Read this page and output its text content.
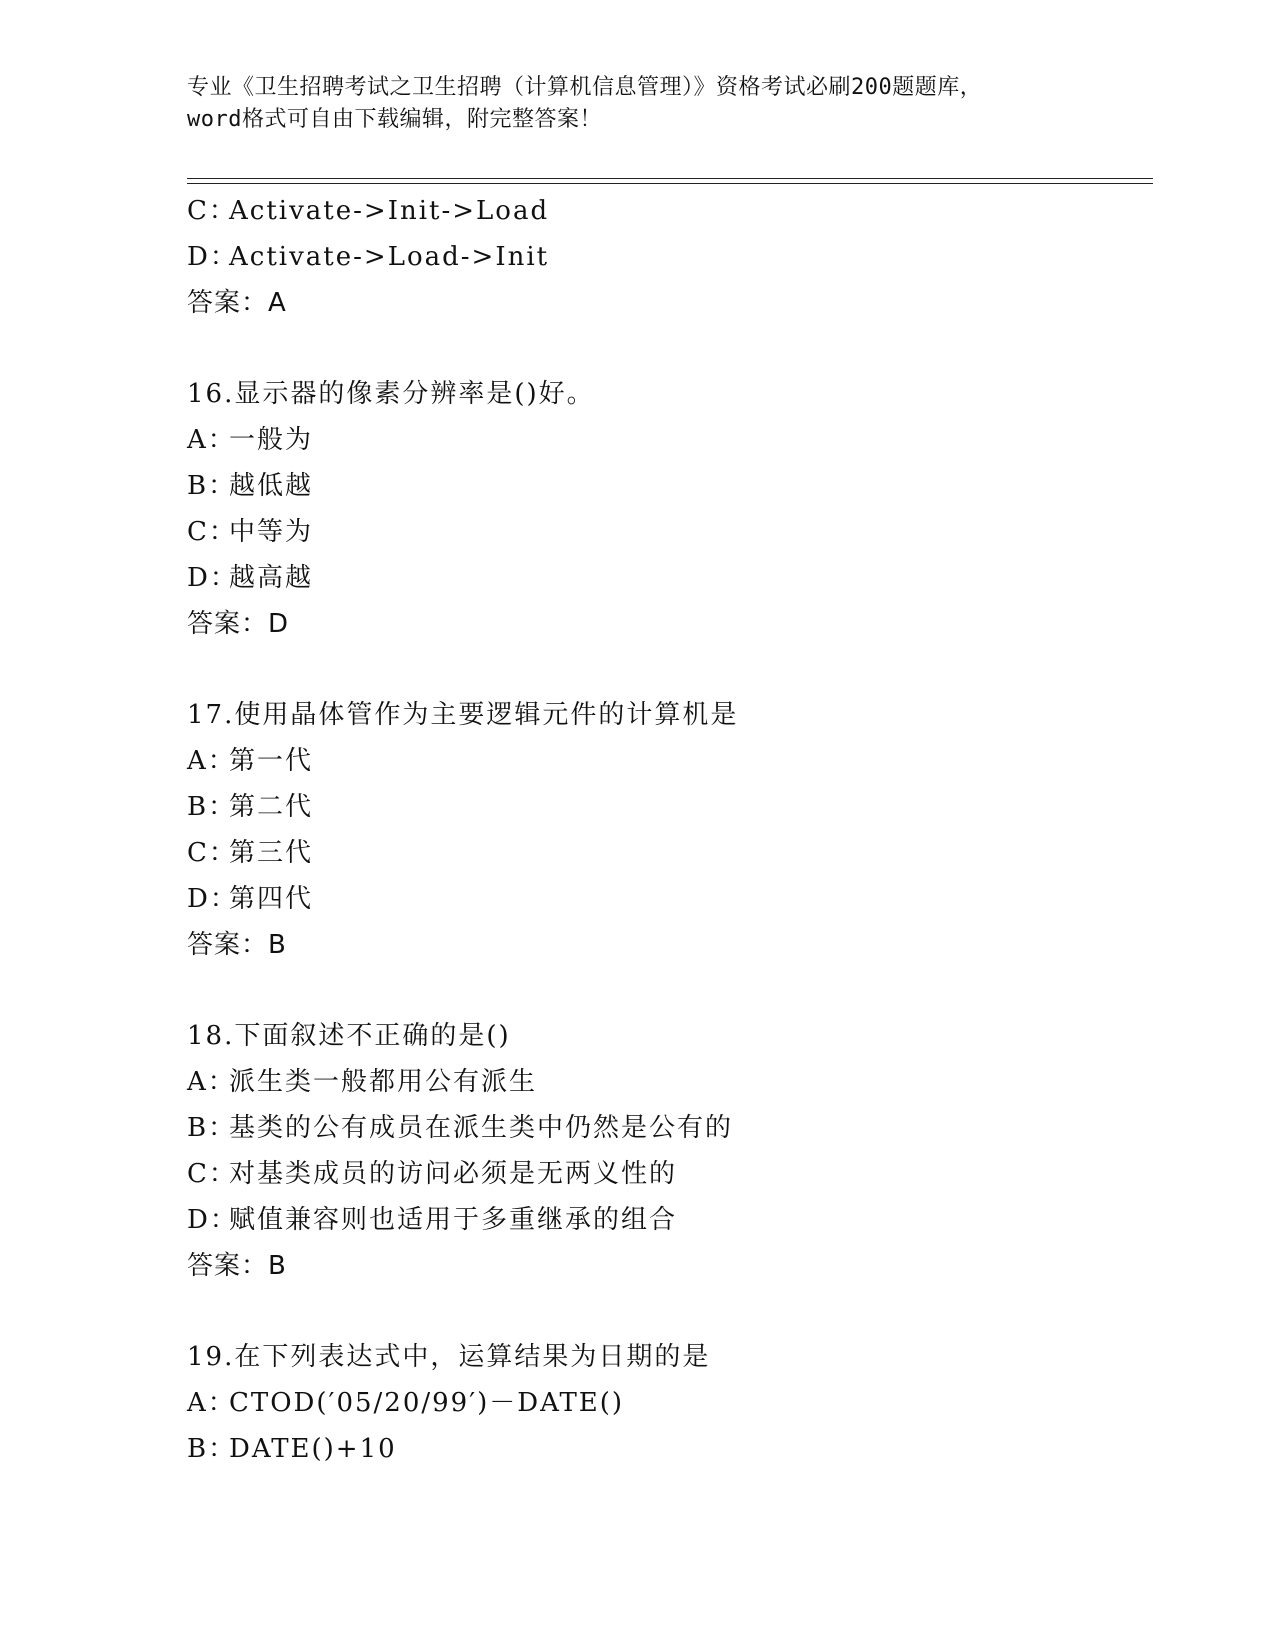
专业《卫生招聘考试之卫生招聘（计算机信息管理）》资格考试必刷200题题库，
word格式可自由下载编辑，附完整答案！
C：Activate->Init->Load
D：Activate->Load->Init
答案：A
16.显示器的像素分辨率是()好。
A：一般为
B：越低越
C：中等为
D：越高越
答案：D
17.使用晶体管作为主要逻辑元件的计算机是
A：第一代
B：第二代
C：第三代
D：第四代
答案：B
18.下面叙述不正确的是()
A：派生类一般都用公有派生
B：基类的公有成员在派生类中仍然是公有的
C：对基类成员的访问必须是无两义性的
D：赋值兼容则也适用于多重继承的组合
答案：B
19.在下列表达式中，运算结果为日期的是
A：CTOD(′05/20/99′)－DATE()
B：DATE()+10
